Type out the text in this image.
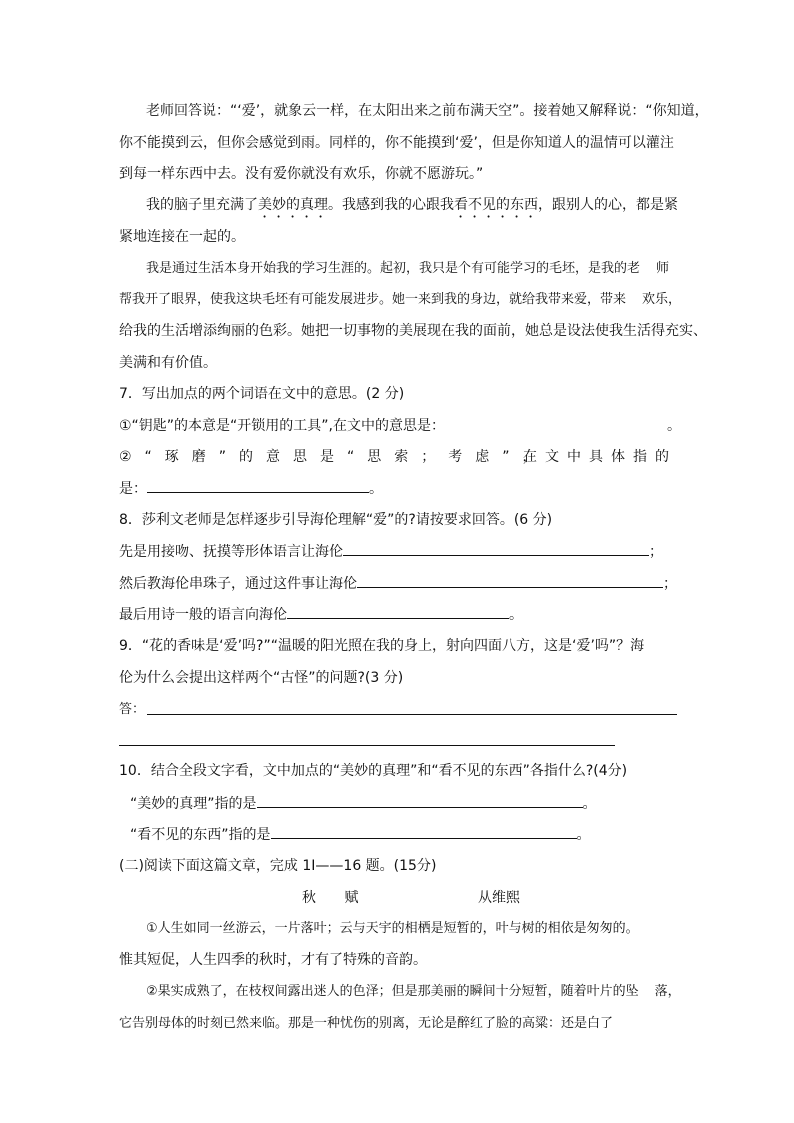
老师回答说：“‘爱’，就象云一样，在太阳出来之前布满天空”。接着她又解释说：“你知道，
你不能摸到云，但你会感觉到雨。同样的，你不能摸到‘爱’，但是你知道人的温情可以灌注
到每一样东西中去。没有爱你就没有欢乐，你就不愿游玩。”
我的脑子里充满了美妙的真理。我感到我的心跟我看不见的东西，跟别人的心，都是紧
紧地连接在一起的。
我是通过生活本身开始我的学习生涯的。起初，我只是个有可能学习的毛坯，是我的老 师
帮我开了眼界，使我这块毛坯有可能发展进步。她一来到我的身边，就给我带来爱，带来 欢乐，
给我的生活增添绚丽的色彩。她把一切事物的美展现在我的面前，她总是设法使我生活得充实、
美满和有价值。
7．写出加点的两个词语在文中的意思。(2 分)
①“钥匙”的本意是“开锁用的工具”,在文中的意思是：	。
②“琢磨”的意思是“思索；考虑”，
在文中具体指的
是：	。
8．莎利文老师是怎样逐步引导海伦理解“爱”的?请按要求回答。(6 分)
先是用接吻、抚摸等形体语言让海伦	；
然后教海伦串珠子，通过这件事让海伦	；
最后用诗一般的语言向海伦	。
9．“花的香味是‘爱’吗?”“温暖的阳光照在我的身上，射向四面八方，这是‘爱’吗”？海
伦为什么会提出这样两个“古怪”的问题?(3 分)
答：
10．结合全段文字看，文中加点的“美妙的真理”和“看不见的东西”各指什么?(4分)
“美妙的真理”指的是	。
“看不见的东西”指的是	。
(二)阅读下面这篇文章，完成 1I——16 题。(15分)
秋 赋	从维熙
①人生如同一丝游云，一片落叶；云与天宇的相栖是短暂的，叶与树的相依是匆匆的。
惟其短促，人生四季的秋时，才有了特殊的音韵。
②果实成熟了，在枝杈间露出迷人的色泽；但是那美丽的瞬间十分短暂，随着叶片的坠 落，
它告别母体的时刻已然来临。那是一种忧伤的别离，无论是醉红了脸的高粱：还是白了
